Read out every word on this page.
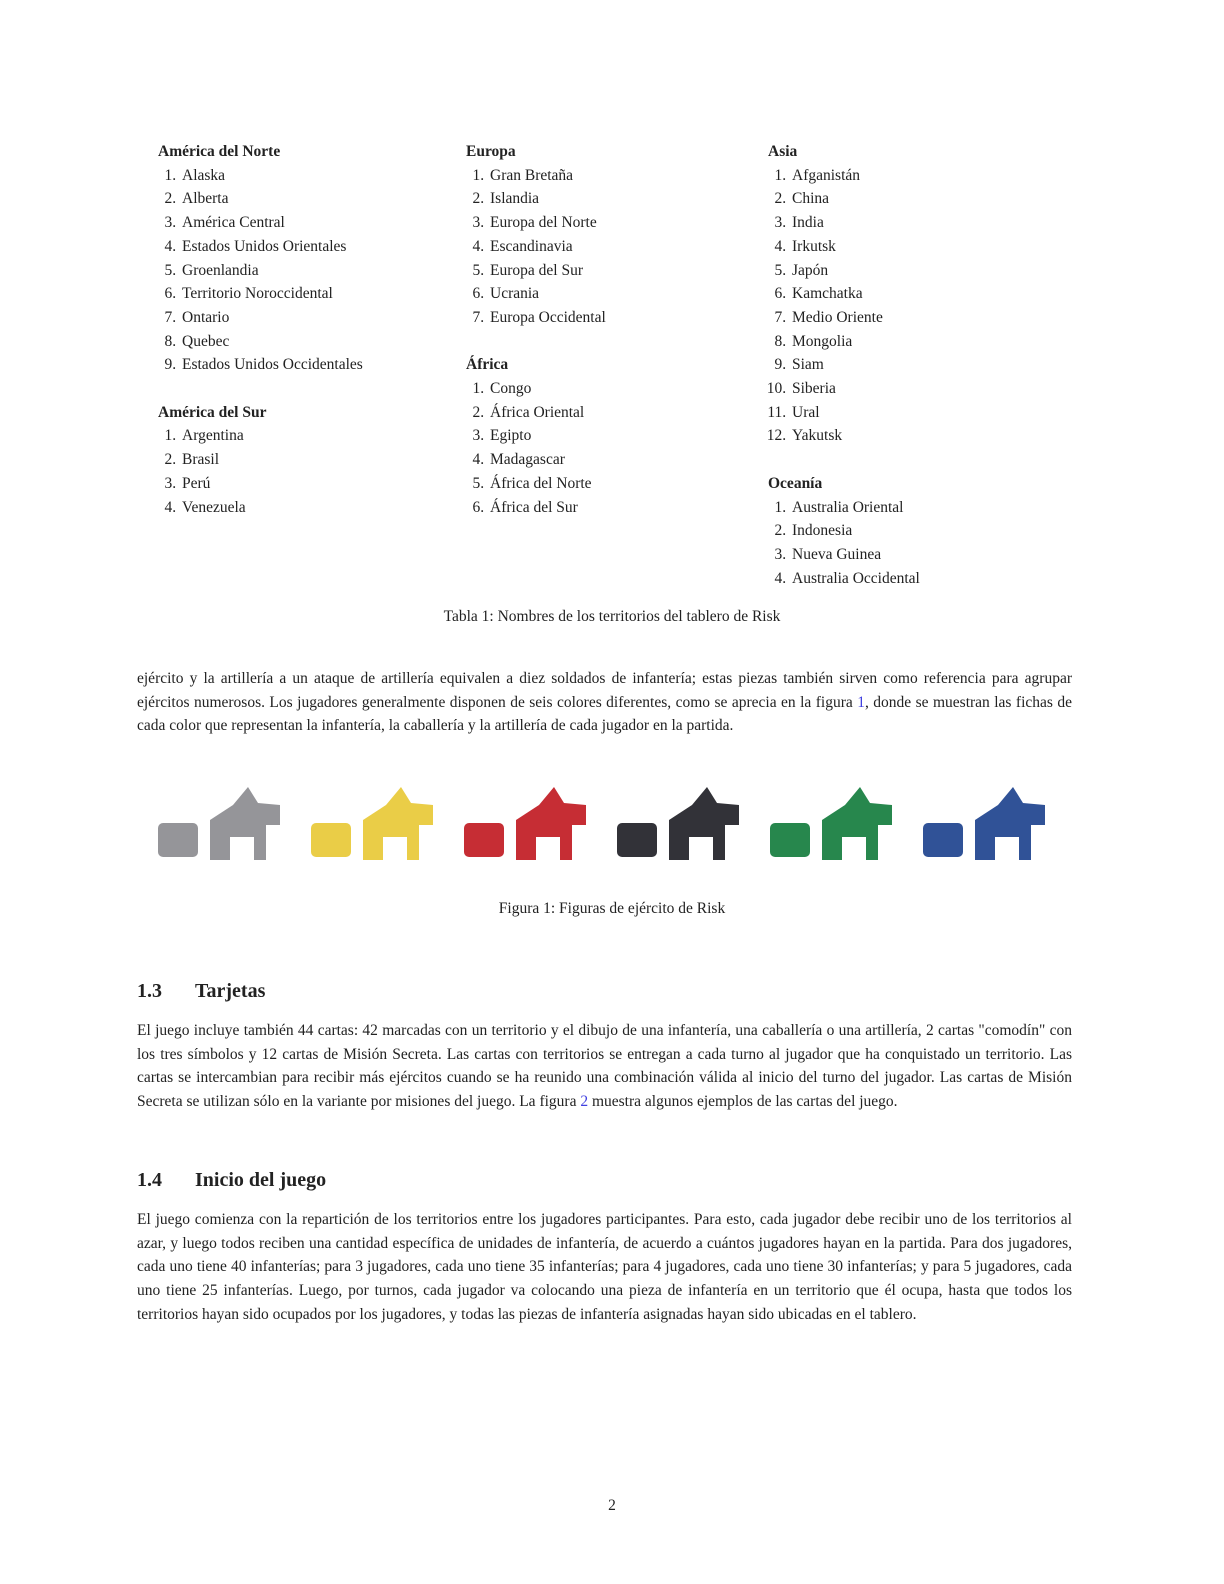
América del Norte
1. Alaska
2. Alberta
3. América Central
4. Estados Unidos Orientales
5. Groenlandia
6. Territorio Noroccidental
7. Ontario
8. Quebec
9. Estados Unidos Occidentales
América del Sur
1. Argentina
2. Brasil
3. Perú
4. Venezuela
Europa
1. Gran Bretaña
2. Islandia
3. Europa del Norte
4. Escandinavia
5. Europa del Sur
6. Ucrania
7. Europa Occidental
África
1. Congo
2. África Oriental
3. Egipto
4. Madagascar
5. África del Norte
6. África del Sur
Asia
1. Afganistán
2. China
3. India
4. Irkutsk
5. Japón
6. Kamchatka
7. Medio Oriente
8. Mongolia
9. Siam
10. Siberia
11. Ural
12. Yakutsk
Oceanía
1. Australia Oriental
2. Indonesia
3. Nueva Guinea
4. Australia Occidental
Tabla 1: Nombres de los territorios del tablero de Risk

ejército y la artillería a un ataque de artillería equivalen a diez soldados de infantería; estas piezas también sirven como referencia para agrupar ejércitos numerosos. Los jugadores generalmente disponen de seis colores diferentes, como se aprecia en la figura 1, donde se muestran las fichas de cada color que representan la infantería, la caballería y la artillería de cada jugador en la partida.

Figura 1: Figuras de ejército de Risk
1.3 Tarjetas

El juego incluye también 44 cartas: 42 marcadas con un territorio y el dibujo de una infantería, una caballería o una artillería, 2 cartas "comodín" con los tres símbolos y 12 cartas de Misión Secreta. Las cartas con territorios se entregan a cada turno al jugador que ha conquistado un territorio. Las cartas se intercambian para recibir más ejércitos cuando se ha reunido una combinación válida al inicio del turno del jugador. Las cartas de Misión Secreta se utilizan sólo en la variante por misiones del juego. La figura 2 muestra algunos ejemplos de las cartas del juego.

1.4 Inicio del juego

El juego comienza con la repartición de los territorios entre los jugadores participantes. Para esto, cada jugador debe recibir uno de los territorios al azar, y luego todos reciben una cantidad específica de unidades de infantería, de acuerdo a cuántos jugadores hayan en la partida. Para dos jugadores, cada uno tiene 40 infanterías; para 3 jugadores, cada uno tiene 35 infanterías; para 4 jugadores, cada uno tiene 30 infanterías; y para 5 jugadores, cada uno tiene 25 infanterías. Luego, por turnos, cada jugador va colocando una pieza de infantería en un territorio que él ocupa, hasta que todos los territorios hayan sido ocupados por los jugadores, y todas las piezas de infantería asignadas hayan sido ubicadas en el tablero.

2
